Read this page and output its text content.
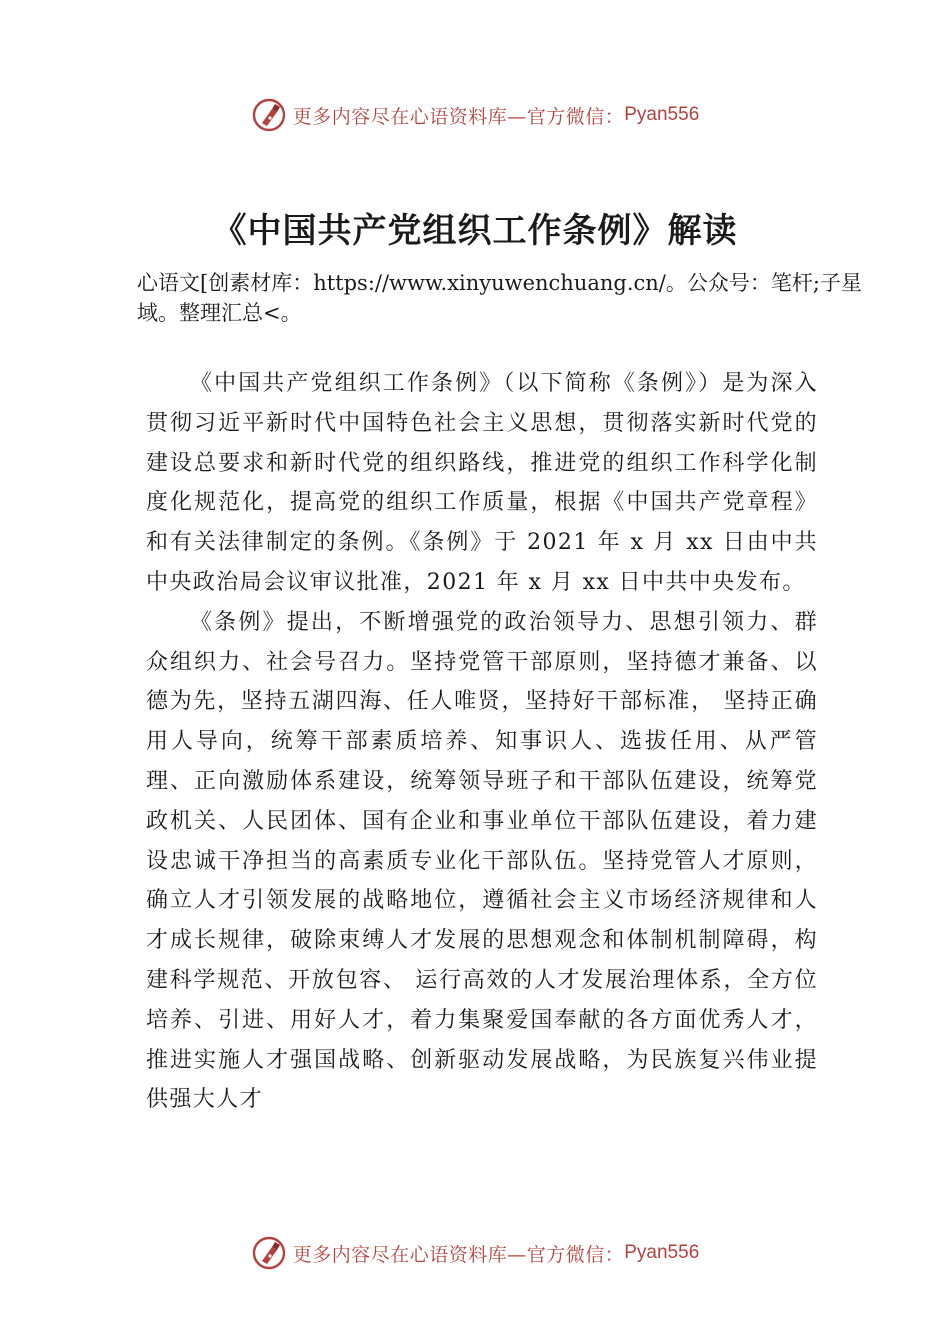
更多内容尽在心语资料库—官方微信： Pyan556
《中国共产党组织工作条例》解读

心语文[创素材库：https://www.xinyuwenchuang.cn/。公众号：笔杆;子星域。整理汇总<。

《中国共产党组织工作条例》（以下简称《条例》）是为深入贯彻习近平新时代中国特色社会主义思想，贯彻落实新时代党的建设总要求和新时代党的组织路线，推进党的组织工作科学化制度化规范化，提高党的组织工作质量，根据《中国共产党章程》和有关法律制定的条例。《条例》于 2021 年 x 月 xx 日由中共中央政治局会议审议批准，2021 年 x 月 xx 日中共中央发布。

《条例》提出，不断增强党的政治领导力、思想引领力、群众组织力、社会号召力。坚持党管干部原则，坚持德才兼备、以德为先，坚持五湖四海、任人唯贤，坚持好干部标准， 坚持正确用人导向，统筹干部素质培养、知事识人、选拔任用、从严管理、正向激励体系建设，统筹领导班子和干部队伍建设，统筹党政机关、人民团体、国有企业和事业单位干部队伍建设，着力建设忠诚干净担当的高素质专业化干部队伍。坚持党管人才原则，确立人才引领发展的战略地位，遵循社会主义市场经济规律和人才成长规律，破除束缚人才发展的思想观念和体制机制障碍，构建科学规范、开放包容、 运行高效的人才发展治理体系，全方位培养、引进、用好人才，着力集聚爱国奉献的各方面优秀人才，推进实施人才强国战略、创新驱动发展战略，为民族复兴伟业提供强大人才

更多内容尽在心语资料库—官方微信： Pyan556
